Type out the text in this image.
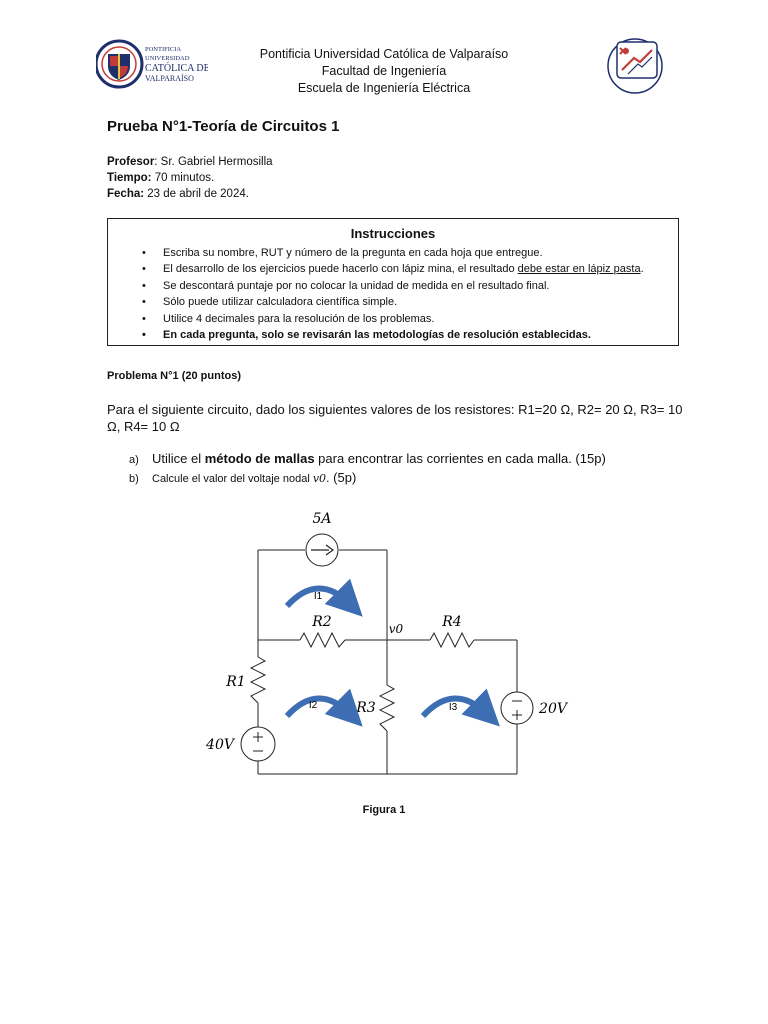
PONTIFICIA
UNIVERSIDAD
CATÓLICA DE
VALPARAÍSO
Pontificia Universidad Católica de Valparaíso
Facultad de Ingeniería
Escuela de Ingeniería Eléctrica
Prueba N°1-Teoría de Circuitos 1
Profesor: Sr. Gabriel Hermosilla
Tiempo: 70 minutos.
Fecha: 23 de abril de 2024.
Instrucciones
• Escriba su nombre, RUT y número de la pregunta en cada hoja que entregue.
• El desarrollo de los ejercicios puede hacerlo con lápiz mina, el resultado debe estar en lápiz pasta.
• Se descontará puntaje por no colocar la unidad de medida en el resultado final.
• Sólo puede utilizar calculadora científica simple.
• Utilice 4 decimales para la resolución de los problemas.
• En cada pregunta, solo se revisarán las metodologías de resolución establecidas.
Problema N°1 (20 puntos)
Para el siguiente circuito, dado los siguientes valores de los resistores: R1=20 Ω, R2= 20 Ω, R3= 10 Ω, R4= 10 Ω
a) Utilice el método de mallas para encontrar las corrientes en cada malla. (15p)
b) Calcule el valor del voltaje nodal v0. (5p)
5A
R2	R4
v0
R1
R3
40V
20V
I1
I2	I3
Figura 1
